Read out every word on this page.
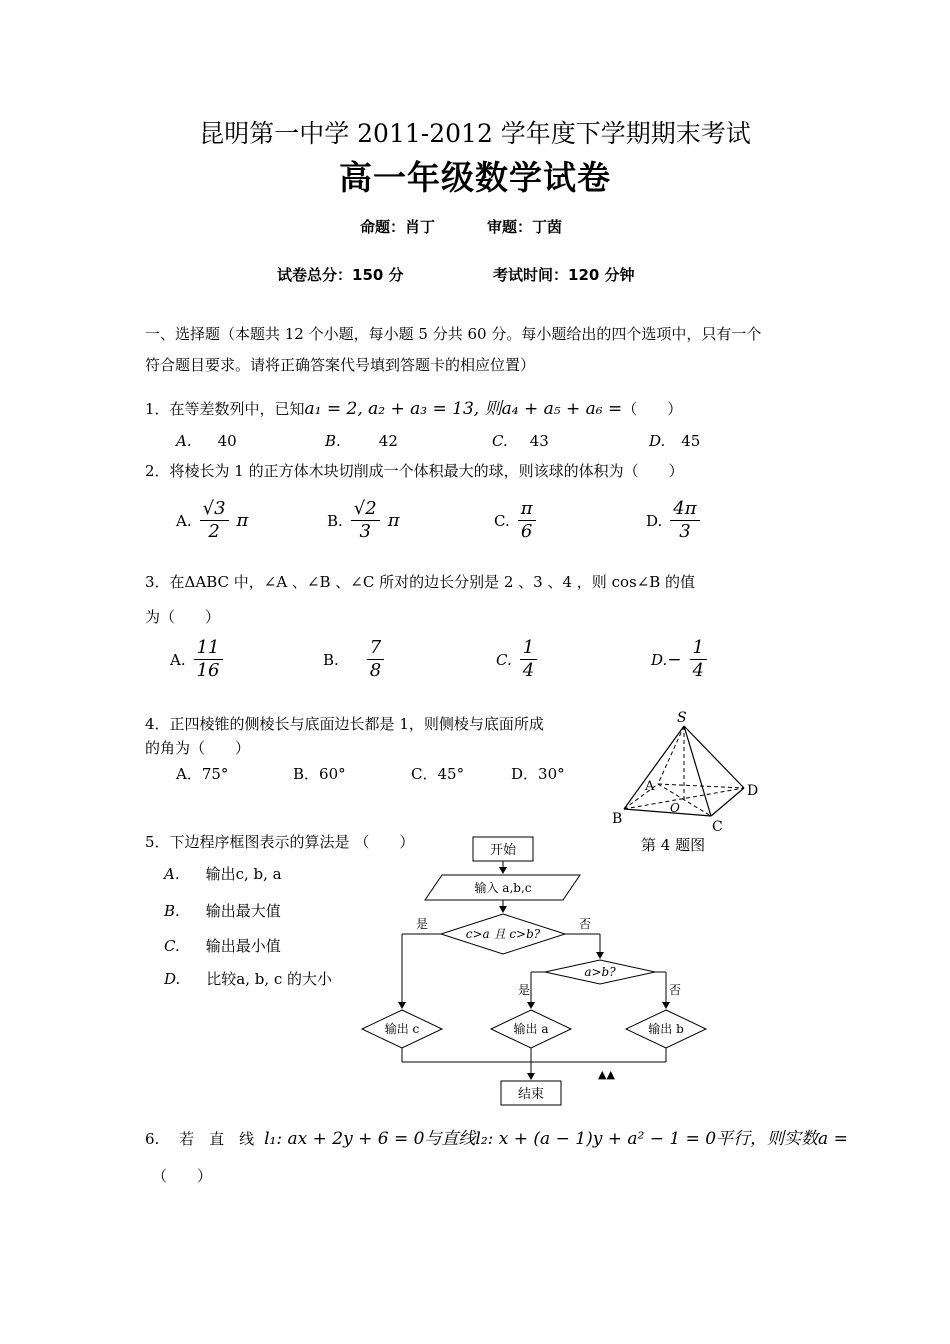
昆明第一中学 2011-2012 学年度下学期期末考试
高一年级数学试卷
命题：肖丁	审题：丁茵
试卷总分：150 分	考试时间：120 分钟
一、选择题（本题共 12 个小题，每小题 5 分共 60 分。每小题给出的四个选项中，只有一个
符合题目要求。请将正确答案代号填到答题卡的相应位置）
1．在等差数列中，已知a₁ = 2, a₂ + a₃ = 13, 则a₄ + a₅ + a₆ =（　　）
A. 40	B.	42	C. 43	D. 45
2．将棱长为 1 的正方体木块切削成一个体积最大的球，则该球的体积为（　　）
A. $\frac{√3}{2}$ π	B. $\frac{√2}{3}$ π	C. $\frac{\pi}{6}$	D. $\frac{4\pi}{3}$
3．在ΔABC 中，∠A 、∠B 、∠C 所对的边长分别是 2 、3 、4 ，则 cos∠B 的值
为（　　）
A. $\frac{11}{16}$	B. $\frac{7}{8}$	C. $\frac{1}{4}$	D. − $\frac{1}{4}$
4．正四棱锥的侧棱长与底面边长都是 1，则侧棱与底面所成
的角为（　　）
A．75°	B．60°	C．45°	D．30°
S
A
B	C
D
O
第 4 题图
5．下边程序框图表示的算法是 （　　）
A. 输出c, b, a
B. 输出最大值
C. 输出最小值
D. 比较a, b, c 的大小
开始
输入 a,b,c
c>a 且 c>b?
是	否
a>b?
是	否
输出 c	输出 a	输出 b
▲▲
结束
6.　 若　直　线 l₁: ax + 2y + 6 = 0与直线l₂: x + (a − 1)y + a² − 1 = 0平行，则实数a =
（　　）
